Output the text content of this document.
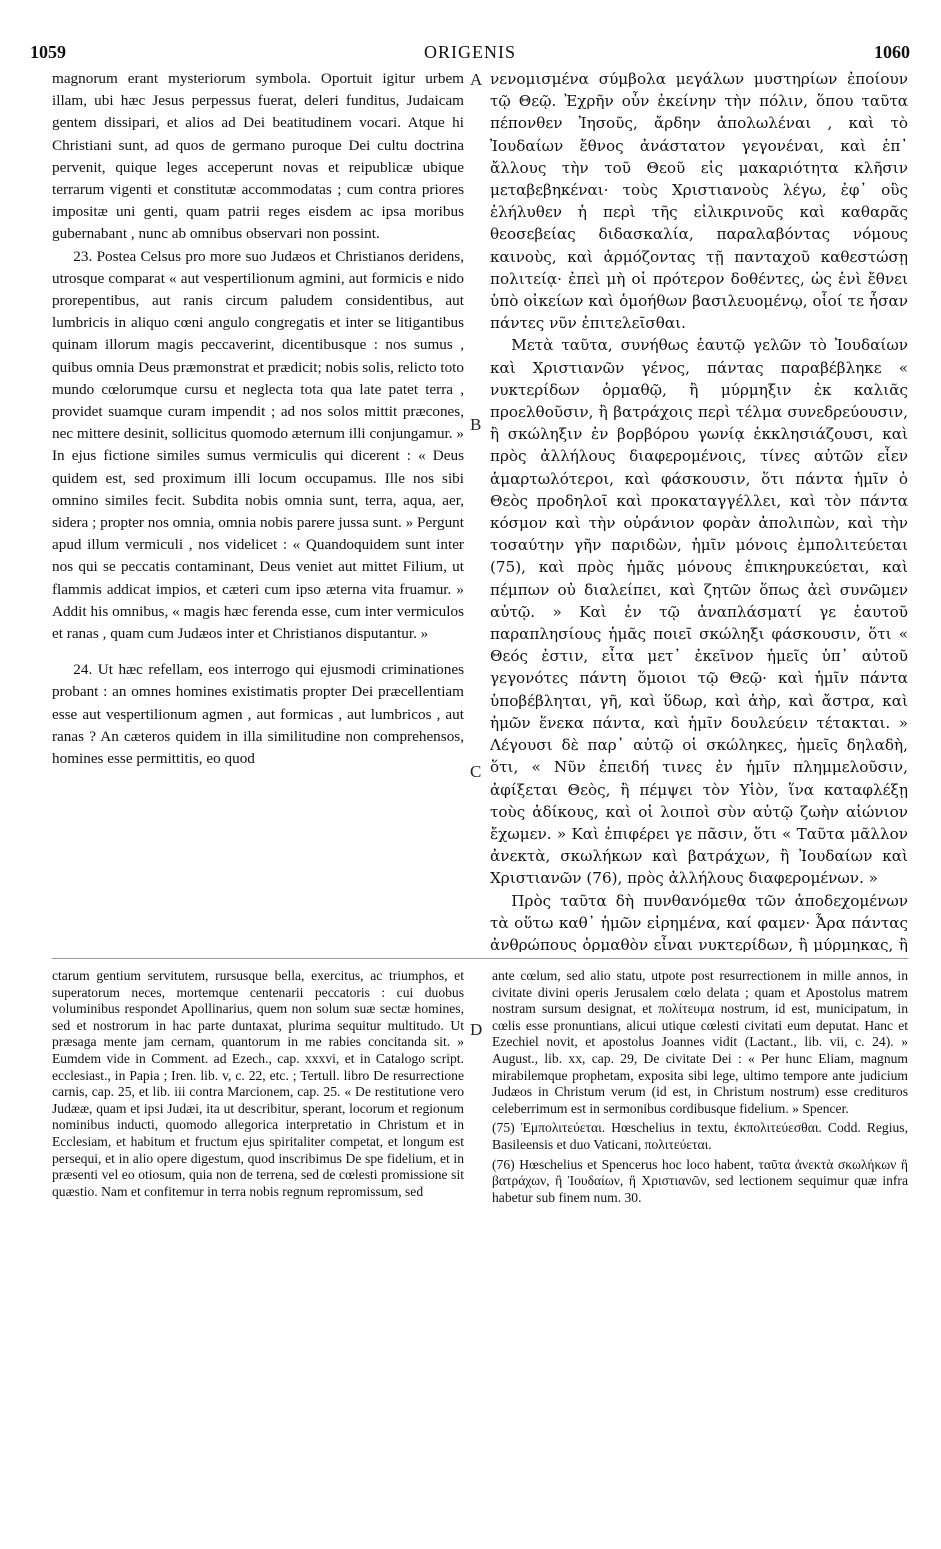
1059	ORIGENIS	1060
A
B
C
D

magnorum erant mysteriorum symbola. Oportuit igitur urbem illam, ubi hæc Jesus perpessus fuerat, deleri funditus, Judaicam gentem dissipari, et alios ad Dei beatitudinem vocari. Atque hi Christiani sunt, ad quos de germano puroque Dei cultu doctrina pervenit, quique leges acceperunt novas et reipublicæ ubique terrarum vigenti et constitutæ accommodatas ; cum contra priores impositæ uni genti, quam patrii reges eisdem ac ipsa moribus gubernabant , nunc ab omnibus observari non possint.

23. Postea Celsus pro more suo Judæos et Christianos deridens, utrosque comparat « aut vespertilionum agmini, aut formicis e nido prorepentibus, aut ranis circum paludem considentibus, aut lumbricis in aliquo cœni angulo congregatis et inter se litigantibus quinam illorum magis peccaverint, dicentibusque : nos sumus , quibus omnia Deus præmonstrat et prædicit; nobis solis, relicto toto mundo cœlorumque cursu et neglecta tota qua late patet terra , providet suamque curam impendit ; ad nos solos mittit præcones, nec mittere desinit, sollicitus quomodo æternum illi conjungamur. » In ejus fictione similes sumus vermiculis qui dicerent : « Deus quidem est, sed proximum illi locum occupamus. Ille nos sibi omnino similes fecit. Subdita nobis omnia sunt, terra, aqua, aer, sidera ; propter nos omnia, omnia nobis parere jussa sunt. » Pergunt apud illum vermiculi , nos videlicet : « Quandoquidem sunt inter nos qui se peccatis contaminant, Deus veniet aut mittet Filium, ut flammis addicat impios, et cæteri cum ipso æterna vita fruamur. » Addit his omnibus, « magis hæc ferenda esse, cum inter vermiculos et ranas , quam cum Judæos inter et Christianos disputantur. »

24. Ut hæc refellam, eos interrogo qui ejusmodi criminationes probant : an omnes homines existimatis propter Dei præcellentiam esse aut vespertilionum agmen , aut formicas , aut lumbricos , aut ranas ? An cæteros quidem in illa similitudine non comprehensos, homines esse permittitis, eo quod

νενομισμένα σύμβολα μεγάλων μυστηρίων ἐποίουν τῷ Θεῷ. Ἐχρῆν οὖν ἐκείνην τὴν πόλιν, ὅπου ταῦτα πέπονθεν Ἰησοῦς, ἄρδην ἀπολωλέναι , καὶ τὸ Ἰουδαίων ἔθνος ἀνάστατον γεγονέναι, καὶ ἐπ᾽ ἄλλους τὴν τοῦ Θεοῦ εἰς μακαριότητα κλῆσιν μεταβεβηκέναι· τοὺς Χριστιανοὺς λέγω, ἐφ᾽ οὓς ἐλήλυθεν ἡ περὶ τῆς εἰλικρινοῦς καὶ καθαρᾶς θεοσεβείας διδασκαλία, παραλαβόντας νόμους καινοὺς, καὶ ἁρμόζοντας τῇ πανταχοῦ καθεστώσῃ πολιτείᾳ· ἐπεὶ μὴ οἱ πρότερον δοθέντες, ὡς ἑνὶ ἔθνει ὑπὸ οἰκείων καὶ ὁμοήθων βασιλευομένῳ, οἷοί τε ἦσαν πάντες νῦν ἐπιτελεῖσθαι.

Μετὰ ταῦτα, συνήθως ἑαυτῷ γελῶν τὸ Ἰουδαίων καὶ Χριστιανῶν γένος, πάντας παραβέβληκε « νυκτερίδων ὁρμαθῷ, ἢ μύρμηξιν ἐκ καλιᾶς προελθοῦσιν, ἢ βατράχοις περὶ τέλμα συνεδρεύουσιν, ἢ σκώληξιν ἐν βορβόρου γωνίᾳ ἐκκλησιάζουσι, καὶ πρὸς ἀλλήλους διαφερομένοις, τίνες αὐτῶν εἶεν ἁμαρτωλότεροι, καὶ φάσκουσιν, ὅτι πάντα ἡμῖν ὁ Θεὸς προδηλοῖ καὶ προκαταγγέλλει, καὶ τὸν πάντα κόσμον καὶ τὴν οὐράνιον φορὰν ἀπολιπὼν, καὶ τὴν τοσαύτην γῆν παριδὼν, ἡμῖν μόνοις ἐμπολιτεύεται (75), καὶ πρὸς ἡμᾶς μόνους ἐπικηρυκεύεται, καὶ πέμπων οὐ διαλείπει, καὶ ζητῶν ὅπως ἀεὶ συνῶμεν αὐτῷ. » Καὶ ἐν τῷ ἀναπλάσματί γε ἑαυτοῦ παραπλησίους ἡμᾶς ποιεῖ σκώληξι φάσκουσιν, ὅτι « Θεός ἐστιν, εἶτα μετ᾽ ἐκεῖνον ἡμεῖς ὑπ᾽ αὐτοῦ γεγονότες πάντη ὅμοιοι τῷ Θεῷ· καὶ ἡμῖν πάντα ὑποβέβληται, γῆ, καὶ ὕδωρ, καὶ ἀὴρ, καὶ ἄστρα, καὶ ἡμῶν ἕνεκα πάντα, καὶ ἡμῖν δουλεύειν τέτακται. » Λέγουσι δὲ παρ᾽ αὐτῷ οἱ σκώληκες, ἡμεῖς δηλαδὴ, ὅτι, « Νῦν ἐπειδή τινες ἐν ἡμῖν πλημμελοῦσιν, ἀφίξεται Θεὸς, ἢ πέμψει τὸν Υἱὸν, ἵνα καταφλέξῃ τοὺς ἀδίκους, καὶ οἱ λοιποὶ σὺν αὐτῷ ζωὴν αἰώνιον ἔχωμεν. » Καὶ ἐπιφέρει γε πᾶσιν, ὅτι « Ταῦτα μᾶλλον ἀνεκτὰ, σκωλήκων καὶ βατράχων, ἢ Ἰουδαίων καὶ Χριστιανῶν (76), πρὸς ἀλλήλους διαφερομένων. »

Πρὸς ταῦτα δὴ πυνθανόμεθα τῶν ἀποδεχομένων τὰ οὕτω καθ᾽ ἡμῶν εἰρημένα, καί φαμεν· Ἆρα πάντας ἀνθρώπους ὁρμαθὸν εἶναι νυκτερίδων, ἢ μύρμηκας, ἢ

ctarum gentium servitutem, rursusque bella, exercitus, ac triumphos, et superatorum neces, mortemque centenarii peccatoris : cui duobus voluminibus respondet Apollinarius, quem non solum suæ sectæ homines, sed et nostrorum in hac parte duntaxat, plurima sequitur multitudo. Ut præsaga mente jam cernam, quantorum in me rabies concitanda sit. » Eumdem vide in Comment. ad Ezech., cap. xxxvi, et in Catalogo script. ecclesiast., in Papia ; Iren. lib. v, c. 22, etc. ; Tertull. libro De resurrectione carnis, cap. 25, et lib. iii contra Marcionem, cap. 25. « De restitutione vero Judææ, quam et ipsi Judæi, ita ut describitur, sperant, locorum et regionum nominibus inducti, quomodo allegorica interpretatio in Christum et in Ecclesiam, et habitum et fructum ejus spiritaliter competat, et longum est persequi, et in alio opere digestum, quod inscribimus De spe fidelium, et in præsenti vel eo otiosum, quia non de terrena, sed de cœlesti promissione sit quæstio. Nam et confitemur in terra nobis regnum repromissum, sed

ante cœlum, sed alio statu, utpote post resurrectionem in mille annos, in civitate divini operis Jerusalem cœlo delata ; quam et Apostolus matrem nostram sursum designat, et πολίτευμα nostrum, id est, municipatum, in cœlis esse pronuntians, alicui utique cœlesti civitati eum deputat. Hanc et Ezechiel novit, et apostolus Joannes vidit (Lactant., lib. vii, c. 24). » August., lib. xx, cap. 29, De civitate Dei : « Per hunc Eliam, magnum mirabilemque prophetam, exposita sibi lege, ultimo tempore ante judicium Judæos in Christum verum (id est, in Christum nostrum) esse credituros celeberrimum est in sermonibus cordibusque fidelium. » Spencer.

(75) Ἐμπολιτεύεται. Hœschelius in textu, ἐκπολιτεύεσθαι. Codd. Regius, Basileensis et duo Vaticani, πολιτεύεται.

(76) Hœschelius et Spencerus hoc loco habent, ταῦτα ἀνεκτὰ σκωλήκων ἢ βατράχων, ἢ Ἰουδαίων, ἢ Χριστιανῶν, sed lectionem sequimur quæ infra habetur sub finem num. 30.
